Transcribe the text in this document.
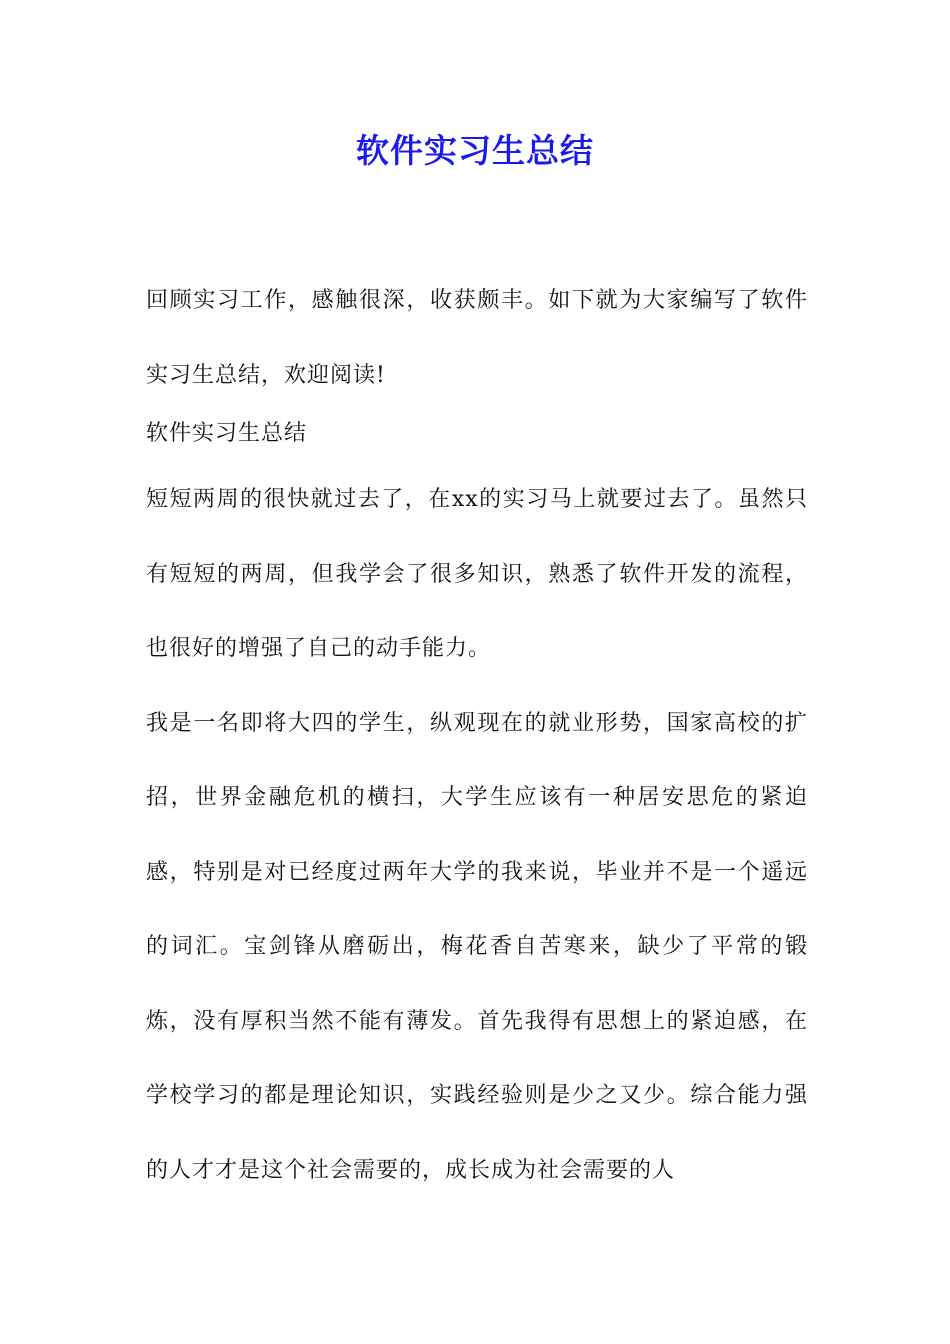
软件实习生总结

回顾实习工作，感触很深，收获颇丰。如下就为大家编写了软件实习生总结，欢迎阅读!

软件实习生总结

短短两周的很快就过去了，在xx的实习马上就要过去了。虽然只有短短的两周，但我学会了很多知识，熟悉了软件开发的流程，也很好的增强了自己的动手能力。

我是一名即将大四的学生，纵观现在的就业形势，国家高校的扩招，世界金融危机的横扫，大学生应该有一种居安思危的紧迫感，特别是对已经度过两年大学的我来说，毕业并不是一个遥远的词汇。宝剑锋从磨砺出，梅花香自苦寒来，缺少了平常的锻炼，没有厚积当然不能有薄发。首先我得有思想上的紧迫感，在学校学习的都是理论知识，实践经验则是少之又少。综合能力强的人才才是这个社会需要的，成长成为社会需要的人
